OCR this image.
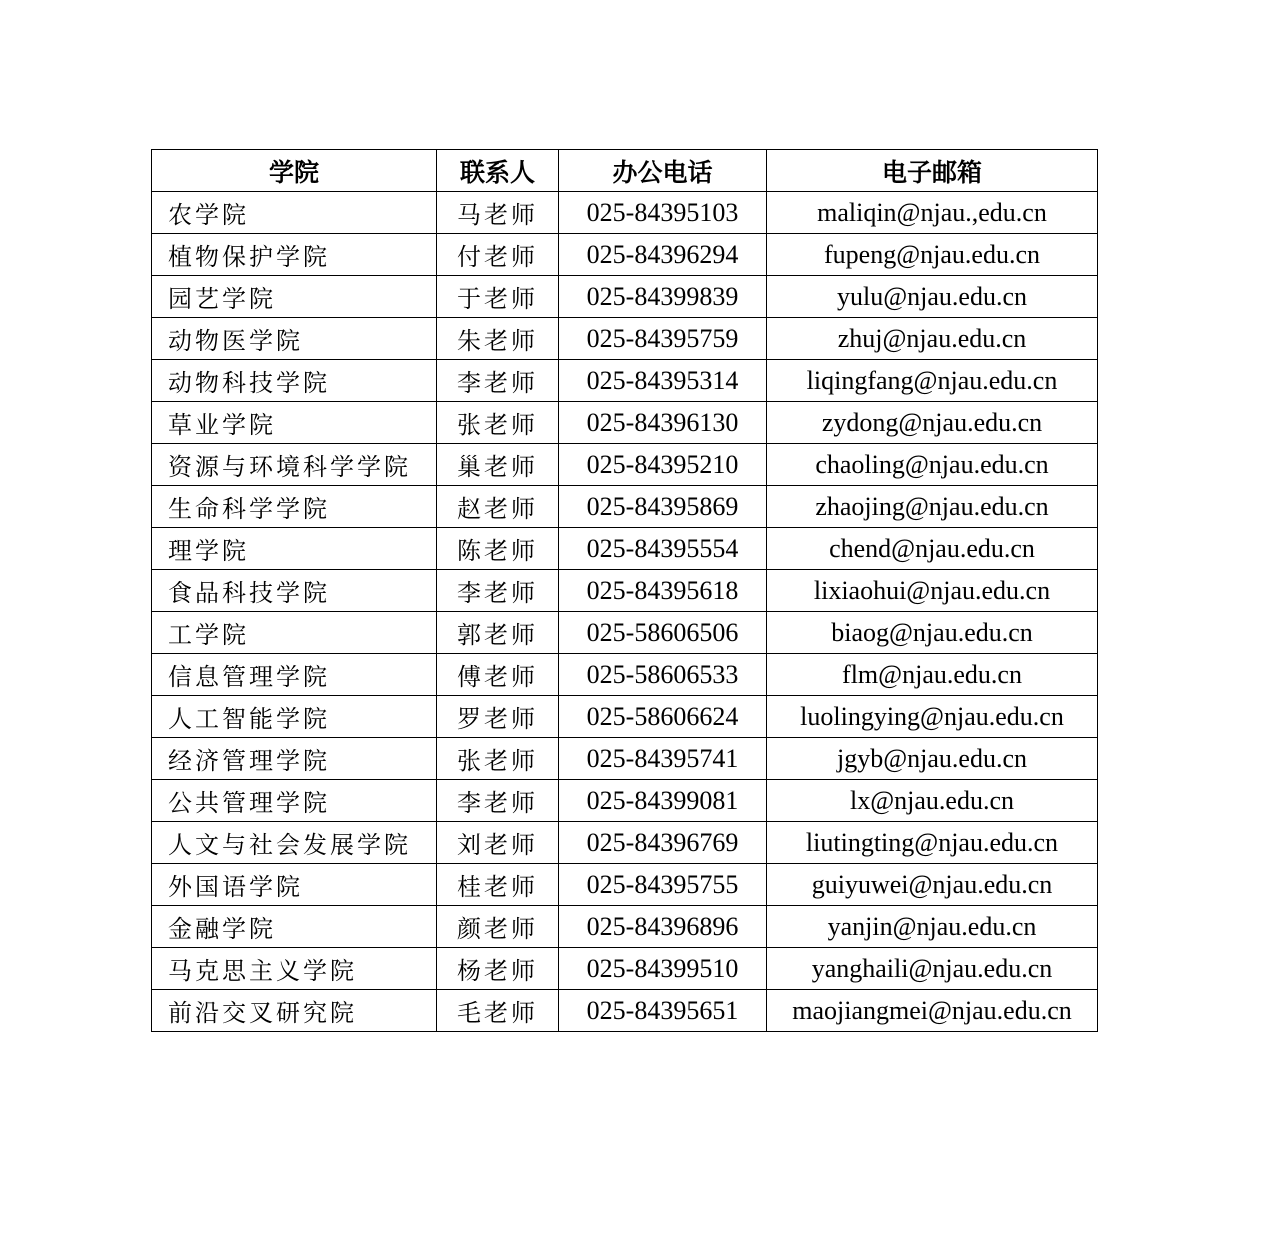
学院	联系人	办公电话	电子邮箱
农学院	马老师	025-84395103	maliqin@njau.,edu.cn
植物保护学院	付老师	025-84396294	fupeng@njau.edu.cn
园艺学院	于老师	025-84399839	yulu@njau.edu.cn
动物医学院	朱老师	025-84395759	zhuj@njau.edu.cn
动物科技学院	李老师	025-84395314	liqingfang@njau.edu.cn
草业学院	张老师	025-84396130	zydong@njau.edu.cn
资源与环境科学学院	巢老师	025-84395210	chaoling@njau.edu.cn
生命科学学院	赵老师	025-84395869	zhaojing@njau.edu.cn
理学院	陈老师	025-84395554	chend@njau.edu.cn
食品科技学院	李老师	025-84395618	lixiaohui@njau.edu.cn
工学院	郭老师	025-58606506	biaog@njau.edu.cn
信息管理学院	傅老师	025-58606533	flm@njau.edu.cn
人工智能学院	罗老师	025-58606624	luolingying@njau.edu.cn
经济管理学院	张老师	025-84395741	jgyb@njau.edu.cn
公共管理学院	李老师	025-84399081	lx@njau.edu.cn
人文与社会发展学院	刘老师	025-84396769	liutingting@njau.edu.cn
外国语学院	桂老师	025-84395755	guiyuwei@njau.edu.cn
金融学院	颜老师	025-84396896	yanjin@njau.edu.cn
马克思主义学院	杨老师	025-84399510	yanghaili@njau.edu.cn
前沿交叉研究院	毛老师	025-84395651	maojiangmei@njau.edu.cn
